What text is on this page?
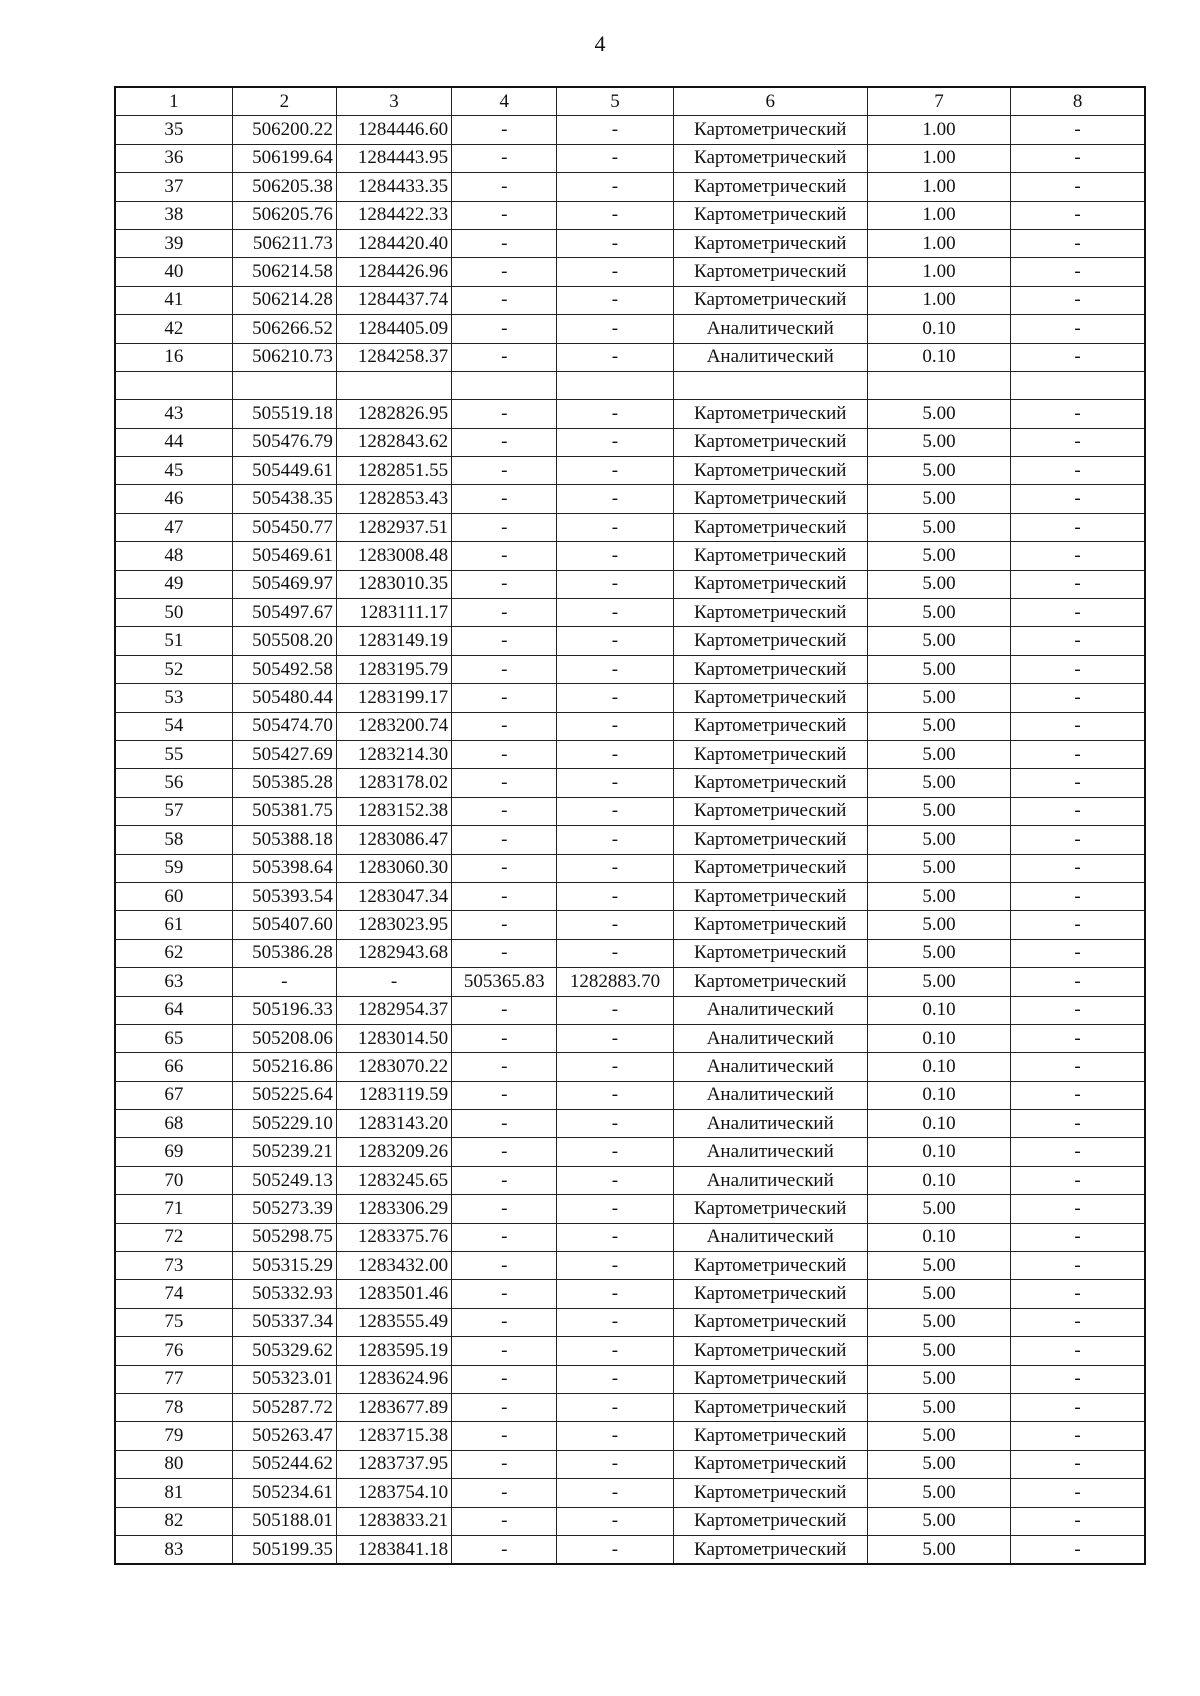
4
1	2	3	4	5	6	7	8
35	506200.22	1284446.60	-	-	Картометрический	1.00	-
36	506199.64	1284443.95	-	-	Картометрический	1.00	-
37	506205.38	1284433.35	-	-	Картометрический	1.00	-
38	506205.76	1284422.33	-	-	Картометрический	1.00	-
39	506211.73	1284420.40	-	-	Картометрический	1.00	-
40	506214.58	1284426.96	-	-	Картометрический	1.00	-
41	506214.28	1284437.74	-	-	Картометрический	1.00	-
42	506266.52	1284405.09	-	-	Аналитический	0.10	-
16	506210.73	1284258.37	-	-	Аналитический	0.10	-

43	505519.18	1282826.95	-	-	Картометрический	5.00	-
44	505476.79	1282843.62	-	-	Картометрический	5.00	-
45	505449.61	1282851.55	-	-	Картометрический	5.00	-
46	505438.35	1282853.43	-	-	Картометрический	5.00	-
47	505450.77	1282937.51	-	-	Картометрический	5.00	-
48	505469.61	1283008.48	-	-	Картометрический	5.00	-
49	505469.97	1283010.35	-	-	Картометрический	5.00	-
50	505497.67	1283111.17	-	-	Картометрический	5.00	-
51	505508.20	1283149.19	-	-	Картометрический	5.00	-
52	505492.58	1283195.79	-	-	Картометрический	5.00	-
53	505480.44	1283199.17	-	-	Картометрический	5.00	-
54	505474.70	1283200.74	-	-	Картометрический	5.00	-
55	505427.69	1283214.30	-	-	Картометрический	5.00	-
56	505385.28	1283178.02	-	-	Картометрический	5.00	-
57	505381.75	1283152.38	-	-	Картометрический	5.00	-
58	505388.18	1283086.47	-	-	Картометрический	5.00	-
59	505398.64	1283060.30	-	-	Картометрический	5.00	-
60	505393.54	1283047.34	-	-	Картометрический	5.00	-
61	505407.60	1283023.95	-	-	Картометрический	5.00	-
62	505386.28	1282943.68	-	-	Картометрический	5.00	-
63	-	-	505365.83	1282883.70	Картометрический	5.00	-
64	505196.33	1282954.37	-	-	Аналитический	0.10	-
65	505208.06	1283014.50	-	-	Аналитический	0.10	-
66	505216.86	1283070.22	-	-	Аналитический	0.10	-
67	505225.64	1283119.59	-	-	Аналитический	0.10	-
68	505229.10	1283143.20	-	-	Аналитический	0.10	-
69	505239.21	1283209.26	-	-	Аналитический	0.10	-
70	505249.13	1283245.65	-	-	Аналитический	0.10	-
71	505273.39	1283306.29	-	-	Картометрический	5.00	-
72	505298.75	1283375.76	-	-	Аналитический	0.10	-
73	505315.29	1283432.00	-	-	Картометрический	5.00	-
74	505332.93	1283501.46	-	-	Картометрический	5.00	-
75	505337.34	1283555.49	-	-	Картометрический	5.00	-
76	505329.62	1283595.19	-	-	Картометрический	5.00	-
77	505323.01	1283624.96	-	-	Картометрический	5.00	-
78	505287.72	1283677.89	-	-	Картометрический	5.00	-
79	505263.47	1283715.38	-	-	Картометрический	5.00	-
80	505244.62	1283737.95	-	-	Картометрический	5.00	-
81	505234.61	1283754.10	-	-	Картометрический	5.00	-
82	505188.01	1283833.21	-	-	Картометрический	5.00	-
83	505199.35	1283841.18	-	-	Картометрический	5.00	-
